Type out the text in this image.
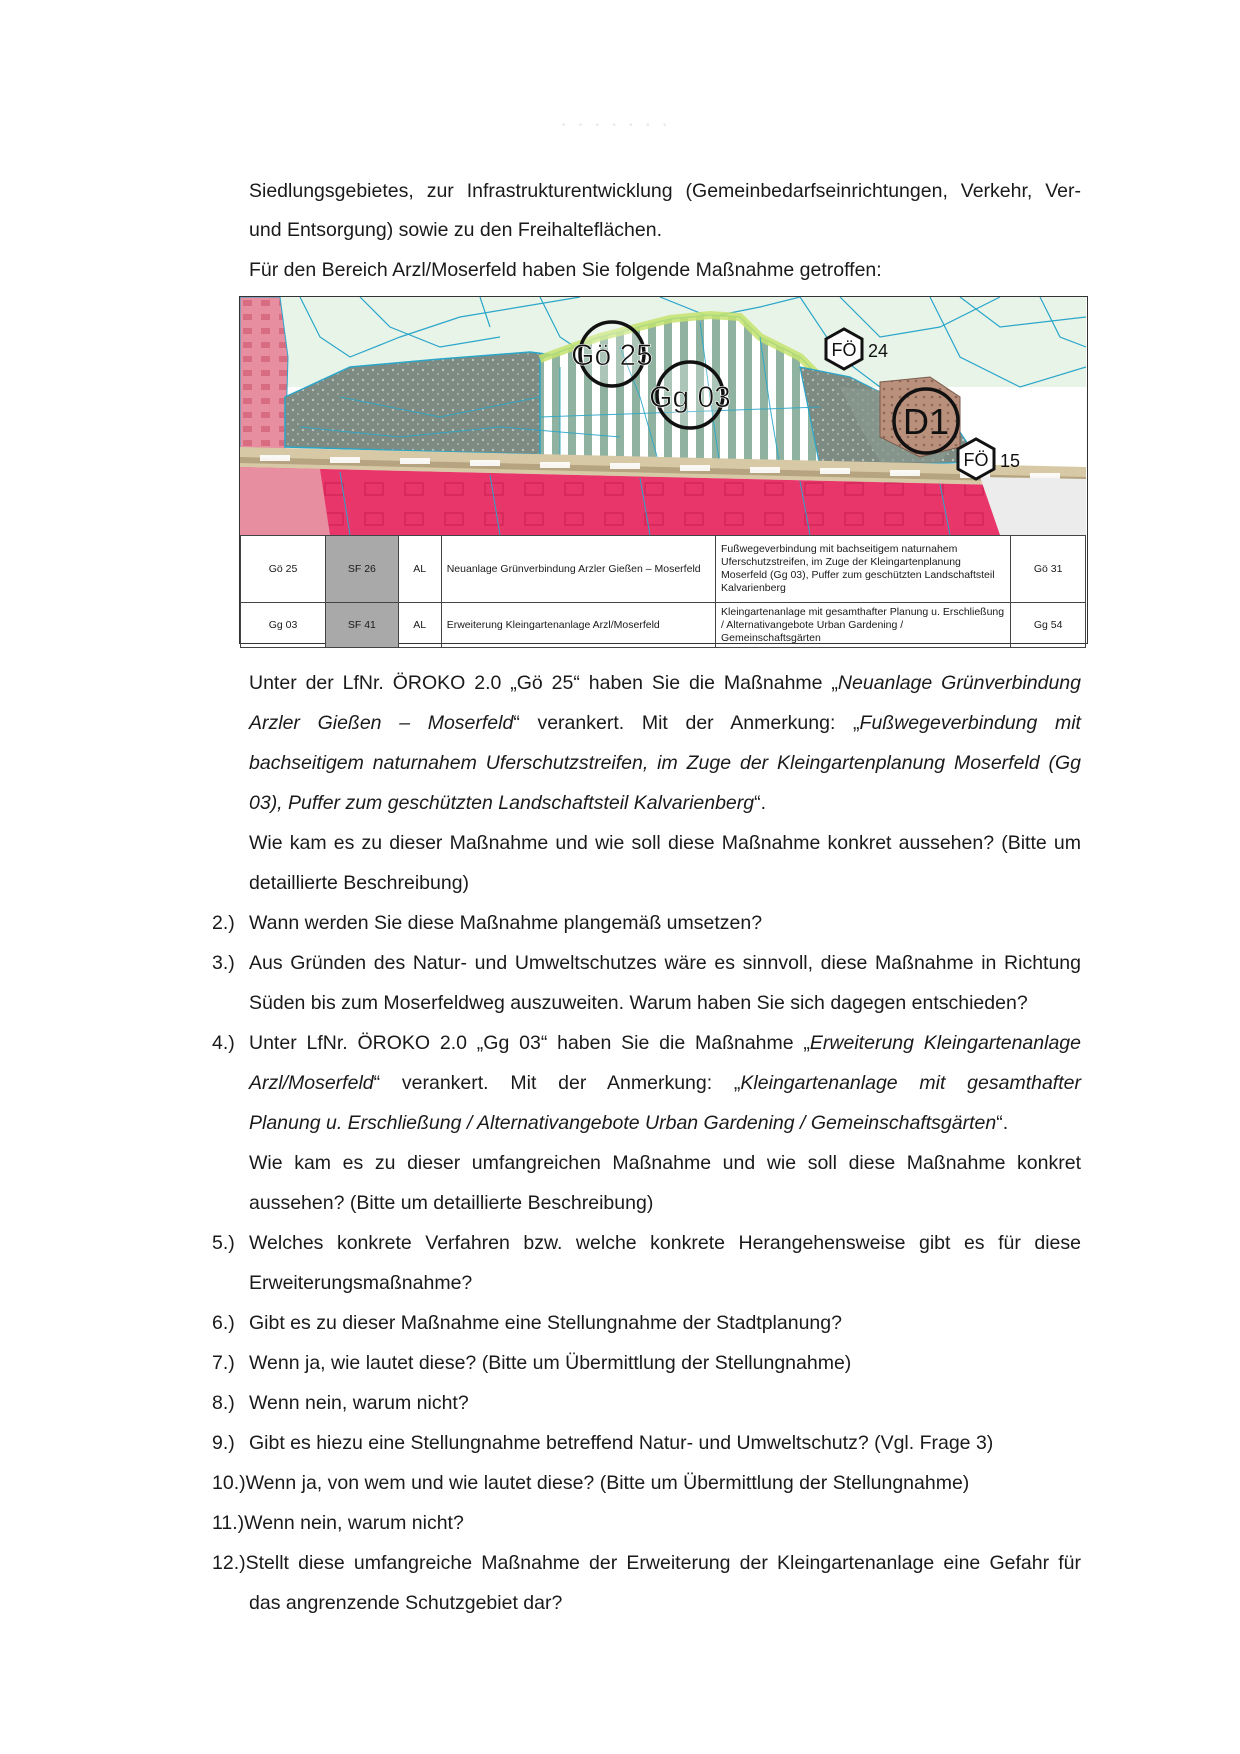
· · · · · · ·

Siedlungsgebietes, zur Infrastrukturentwicklung (Gemeinbedarfseinrichtungen, Verkehr, Ver-

und Entsorgung) sowie zu den Freihalteflächen.

Für den Bereich Arzl/Moserfeld haben Sie folgende Maßnahme getroffen:

Gö 25
Gg 03
D1
FÖ 24
FÖ 15
Gö 25	SF 26	AL	Neuanlage Grünverbindung Arzler Gießen – Moserfeld	Fußwegeverbindung mit bachseitigem naturnahem Uferschutzstreifen, im Zuge der Kleingartenplanung Moserfeld (Gg 03), Puffer zum geschützten Landschaftsteil Kalvarienberg	Gö 31
Gg 03	SF 41	AL	Erweiterung Kleingartenanlage Arzl/Moserfeld	Kleingartenanlage mit gesamthafter Planung u. Erschließung / Alternativangebote Urban Gardening / Gemeinschaftsgärten	Gg 54

Unter der LfNr. ÖROKO 2.0 „Gö 25“ haben Sie die Maßnahme „Neuanlage Grünverbindung

Arzler Gießen – Moserfeld“ verankert. Mit der Anmerkung: „Fußwegeverbindung mit

bachseitigem naturnahem Uferschutzstreifen, im Zuge der Kleingartenplanung Moserfeld (Gg

03), Puffer zum geschützten Landschaftsteil Kalvarienberg“.

Wie kam es zu dieser Maßnahme und wie soll diese Maßnahme konkret aussehen? (Bitte um

detaillierte Beschreibung)

2.) Wann werden Sie diese Maßnahme plangemäß umsetzen?

3.) Aus Gründen des Natur- und Umweltschutzes wäre es sinnvoll, diese Maßnahme in Richtung

Süden bis zum Moserfeldweg auszuweiten. Warum haben Sie sich dagegen entschieden?

4.) Unter LfNr. ÖROKO 2.0 „Gg 03“ haben Sie die Maßnahme „Erweiterung Kleingartenanlage

Arzl/Moserfeld“ verankert. Mit der Anmerkung: „Kleingartenanlage mit gesamthafter

Planung u. Erschließung / Alternativangebote Urban Gardening / Gemeinschaftsgärten“.

Wie kam es zu dieser umfangreichen Maßnahme und wie soll diese Maßnahme konkret

aussehen? (Bitte um detaillierte Beschreibung)

5.) Welches konkrete Verfahren bzw. welche konkrete Herangehensweise gibt es für diese

Erweiterungsmaßnahme?

6.) Gibt es zu dieser Maßnahme eine Stellungnahme der Stadtplanung?

7.) Wenn ja, wie lautet diese? (Bitte um Übermittlung der Stellungnahme)

8.) Wenn nein, warum nicht?

9.) Gibt es hiezu eine Stellungnahme betreffend Natur- und Umweltschutz? (Vgl. Frage 3)

10.)Wenn ja, von wem und wie lautet diese? (Bitte um Übermittlung der Stellungnahme)

11.)Wenn nein, warum nicht?

12.)Stellt diese umfangreiche Maßnahme der Erweiterung der Kleingartenanlage eine Gefahr für

das angrenzende Schutzgebiet dar?
